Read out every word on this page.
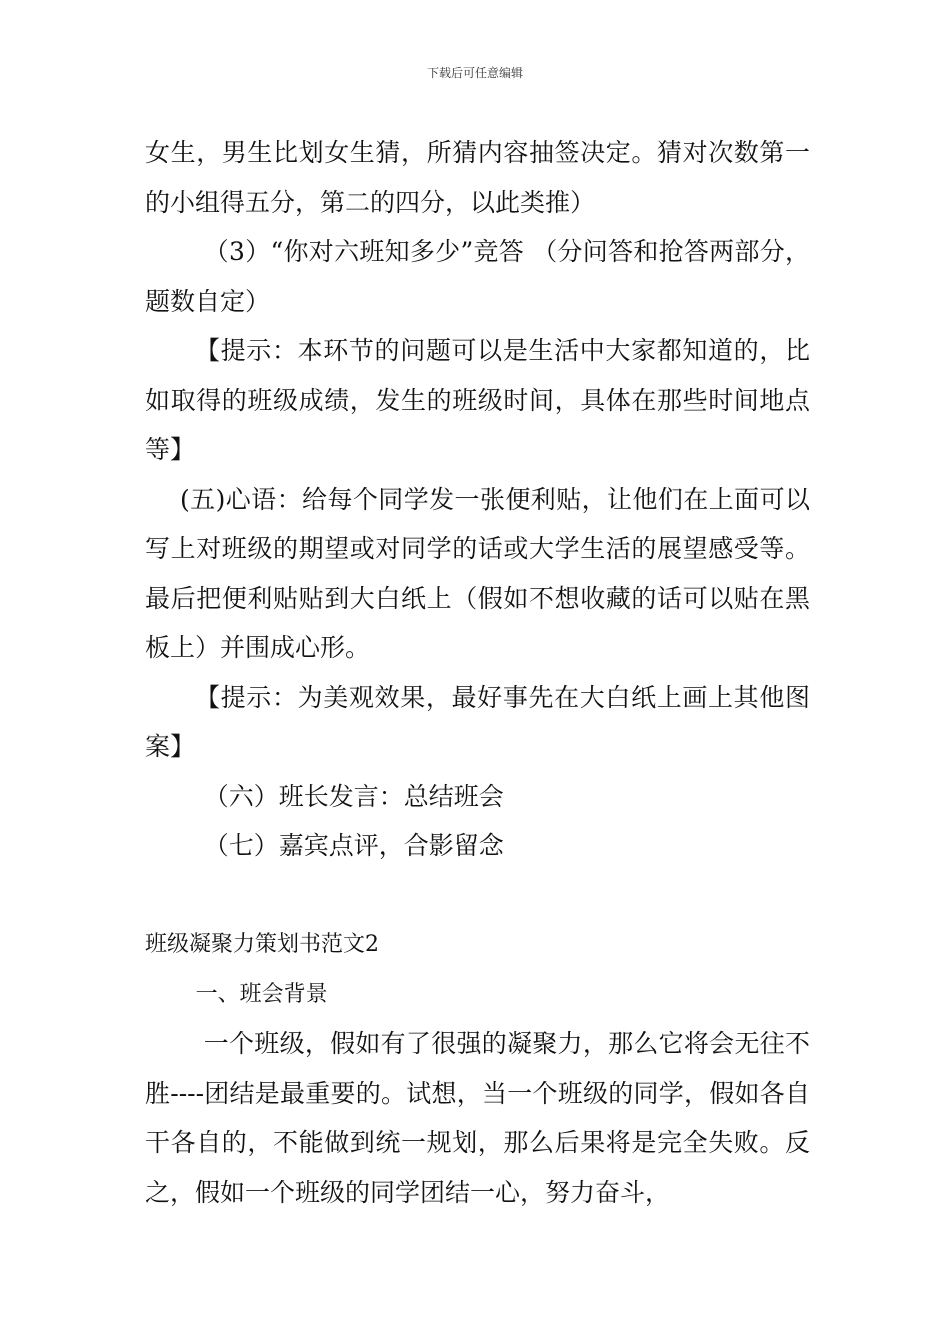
下载后可任意编辑

女生，男生比划女生猜，所猜内容抽签决定。猜对次数第一的小组得五分，第二的四分，以此类推）

（3）“你对六班知多少”竞答 （分问答和抢答两部分，题数自定）

【提示：本环节的问题可以是生活中大家都知道的，比如取得的班级成绩，发生的班级时间，具体在那些时间地点等】

(五)心语：给每个同学发一张便利贴，让他们在上面可以写上对班级的期望或对同学的话或大学生活的展望感受等。最后把便利贴贴到大白纸上（假如不想收藏的话可以贴在黑板上）并围成心形。

【提示：为美观效果，最好事先在大白纸上画上其他图案】

（六）班长发言：总结班会

（七）嘉宾点评，合影留念

班级凝聚力策划书范文2

一、班会背景

一个班级，假如有了很强的凝聚力，那么它将会无往不胜----团结是最重要的。试想，当一个班级的同学，假如各自干各自的，不能做到统一规划，那么后果将是完全失败。反之，假如一个班级的同学团结一心，努力奋斗，
